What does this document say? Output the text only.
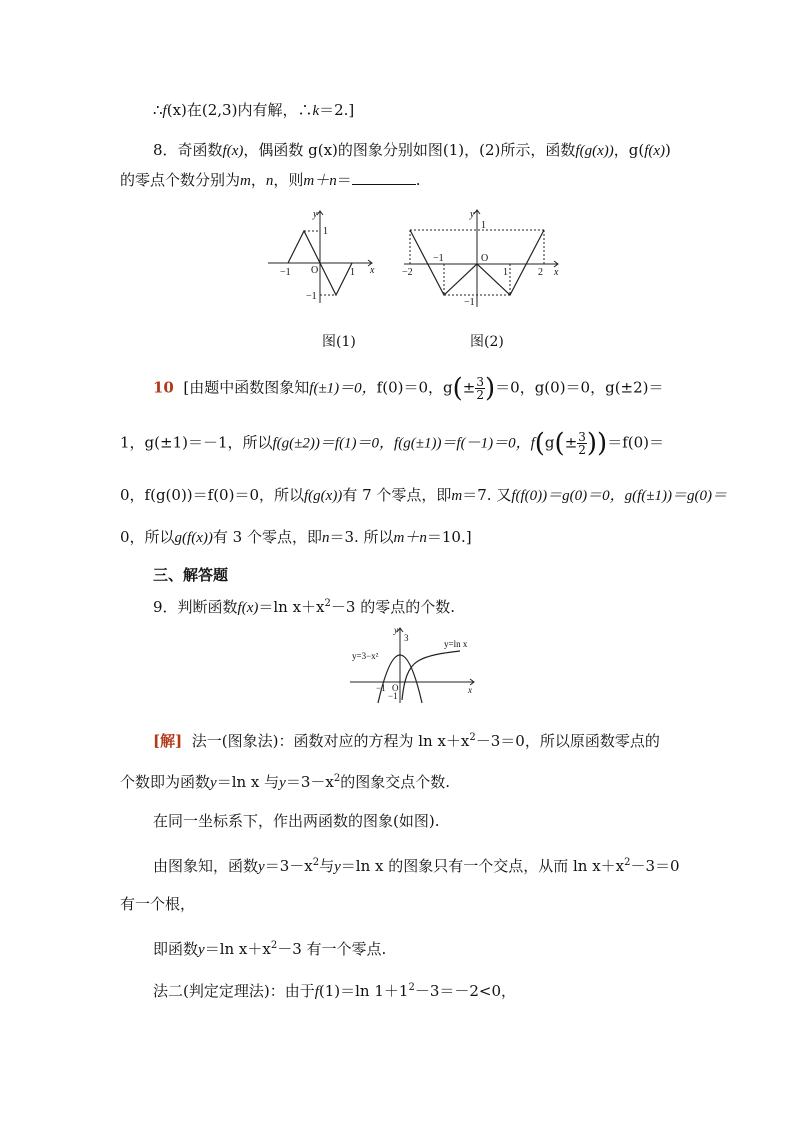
∴f(x)在(2,3)内有解，∴k＝2.]
8．奇函数f(x)，偶函数 g(x)的图象分别如图(1)，(2)所示，函数f(g(x))，g(f(x))
的零点个数分别为m，n，则m＋n＝	.
y
x
O
1
−1
1
−1
图(1)
y
x
O
1
−1
−2
−1
1	2
图(2)
10 [由题中函数图象知f(±1)＝0，f(0)＝0，$g(\pm \frac{3}{2} )=0$，g(0)＝0，g(±2)＝
1，g(±1)＝－1，所以f(g(±2))＝f(1)＝0，f(g(±1))＝f(－1)＝0，$f(g(\pm \frac{3}{2} ))=f(0)=$
0，f(g(0))＝f(0)＝0，所以f(g(x))有 7 个零点，即m＝7. 又f(f(0))＝g(0)＝0，g(f(±1))＝g(0)＝
0，所以g(f(x))有 3 个零点，即n＝3. 所以m＋n＝10.]
三、解答题
9．判断函数f(x)＝ln $x+x^2-3$ 的零点的个数.
y=3−x²
y=ln x
y
3
O
−1
−1
x
[解] 法一(图象法)：函数对应的方程为 $\ln x+x^2-3=0$，所以原函数零点的
个数即为函数y＝ln x 与$y=3-x^2$的图象交点个数.
在同一坐标系下，作出两函数的图象(如图).
由图象知，函数$y=3-x^2$与y＝ln x 的图象只有一个交点，从而 $\ln x+x^2-3=0$
有一个根，
即函数y＝ln $x+x^2-3$ 有一个零点.
法二(判定定理法)：由于f(1)＝ln $1+1^2-3=-2<0$，
